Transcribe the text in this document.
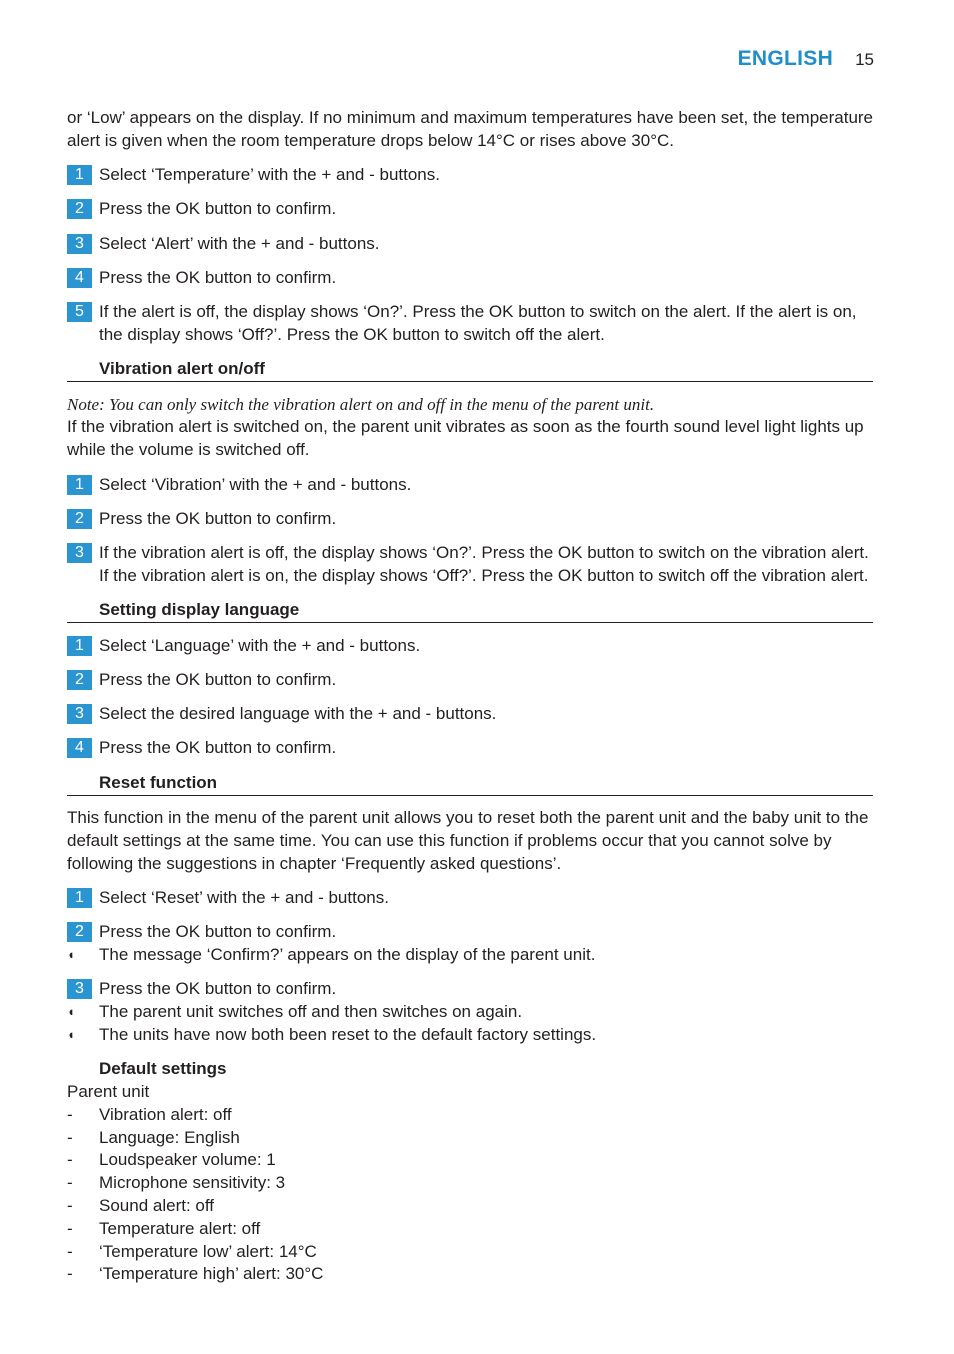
ENGLISH 15

or ‘Low’ appears on the display. If no minimum and maximum temperatures have been set, the temperature alert is given when the room temperature drops below 14°C or rises above 30°C.

1 Select ‘Temperature’ with the + and - buttons.
2 Press the OK button to confirm.
3 Select ‘Alert’ with the + and - buttons.
4 Press the OK button to confirm.
5 If the alert is off, the display shows ‘On?’. Press the OK button to switch on the alert. If the alert is on, the display shows ‘Off?’. Press the OK button to switch off the alert.
Vibration alert on/off

Note: You can only switch the vibration alert on and off in the menu of the parent unit.

If the vibration alert is switched on, the parent unit vibrates as soon as the fourth sound level light lights up while the volume is switched off.

1 Select ‘Vibration’ with the + and - buttons.
2 Press the OK button to confirm.
3 If the vibration alert is off, the display shows ‘On?’. Press the OK button to switch on the vibration alert. If the vibration alert is on, the display shows ‘Off?’. Press the OK button to switch off the vibration alert.
Setting display language
1 Select ‘Language’ with the + and - buttons.
2 Press the OK button to confirm.
3 Select the desired language with the + and - buttons.
4 Press the OK button to confirm.
Reset function

This function in the menu of the parent unit allows you to reset both the parent unit and the baby unit to the default settings at the same time. You can use this function if problems occur that you cannot solve by following the suggestions in chapter ‘Frequently asked questions’.

1 Select ‘Reset’ with the + and - buttons.
2 Press the OK button to confirm.
◖	The message ‘Confirm?’ appears on the display of the parent unit.
3 Press the OK button to confirm.
◖	The parent unit switches off and then switches on again.
◖	The units have now both been reset to the default factory settings.
Default settings

Parent unit

-	Vibration alert: off
-	Language: English
-	Loudspeaker volume: 1
-	Microphone sensitivity: 3
-	Sound alert: off
-	Temperature alert: off
-	‘Temperature low’ alert: 14°C
-	‘Temperature high’ alert: 30°C
